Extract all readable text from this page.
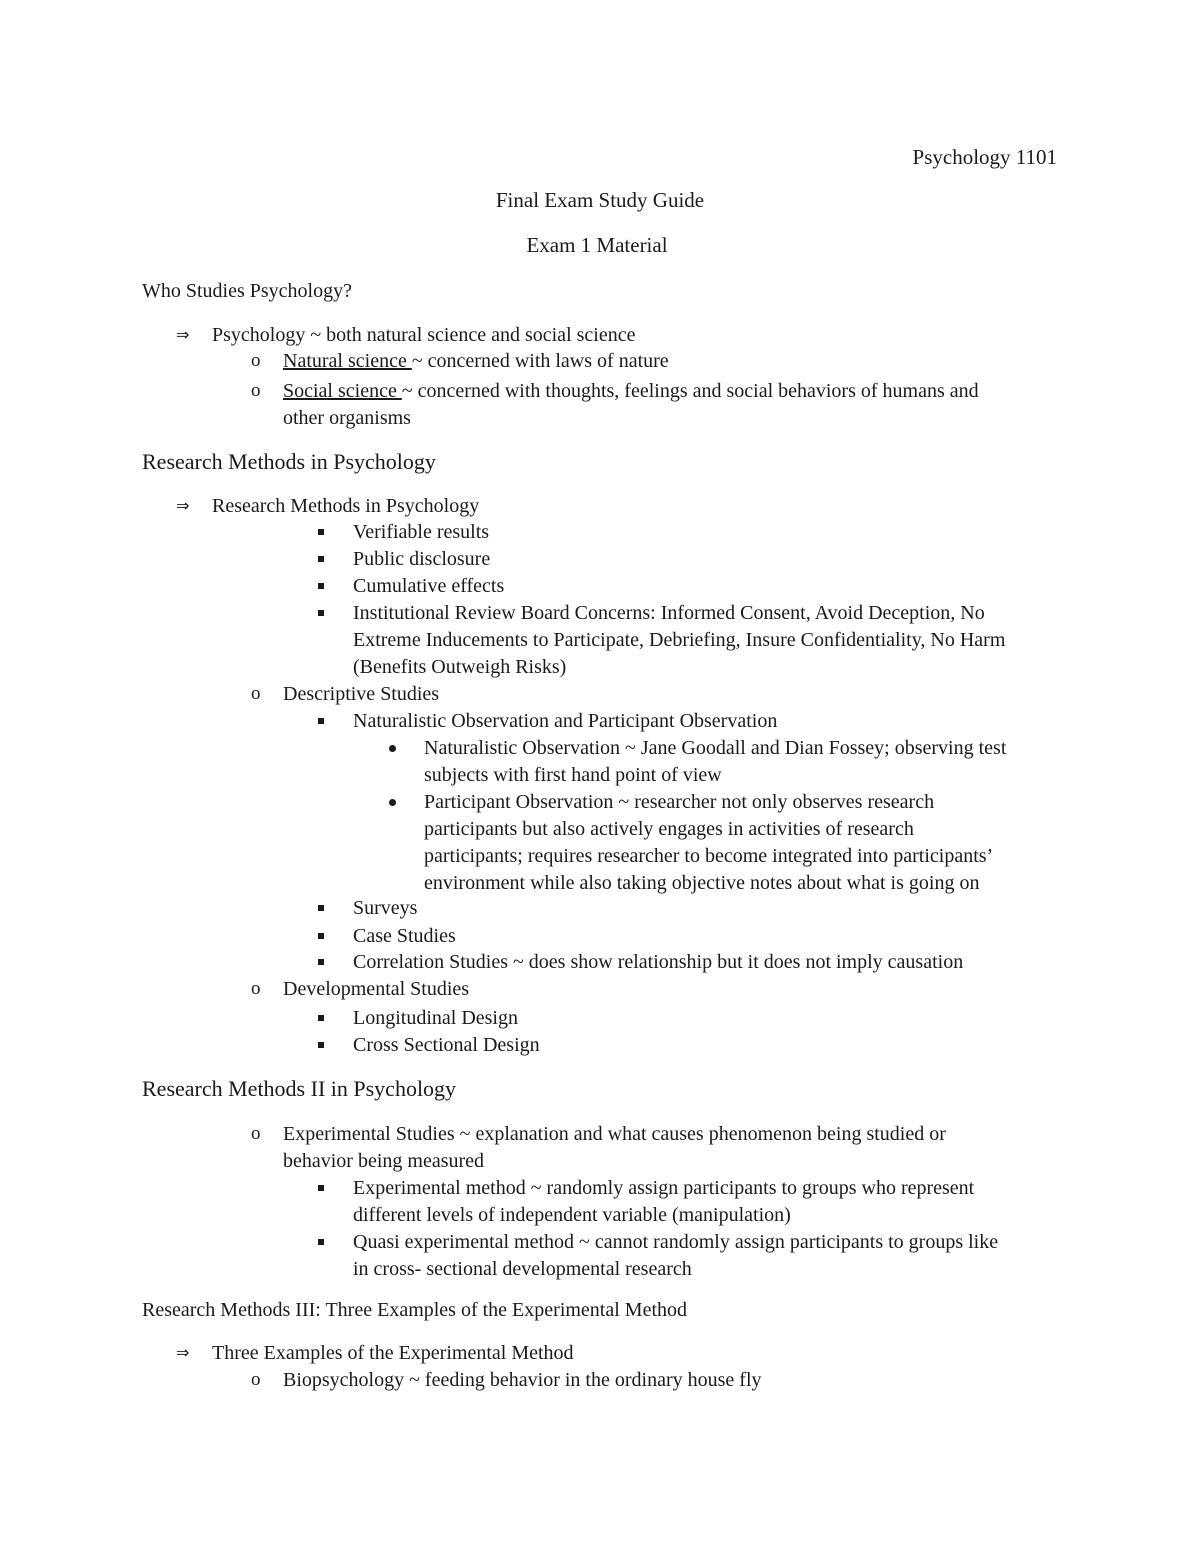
Psychology 1101
Final Exam Study Guide
Exam 1 Material
Who Studies Psychology?
⇒ Psychology ~ both natural science and social science
o Natural science ~ concerned with laws of nature
o Social science ~ concerned with thoughts, feelings and social behaviors of humans and
other organisms
Research Methods in Psychology
⇒ Research Methods in Psychology
Verifiable results
Public disclosure
Cumulative effects
Institutional Review Board Concerns: Informed Consent, Avoid Deception, No
Extreme Inducements to Participate, Debriefing, Insure Confidentiality, No Harm
(Benefits Outweigh Risks)
o Descriptive Studies
Naturalistic Observation and Participant Observation
Naturalistic Observation ~ Jane Goodall and Dian Fossey; observing test
subjects with first hand point of view
Participant Observation ~ researcher not only observes research
participants but also actively engages in activities of research
participants; requires researcher to become integrated into participants’
environment while also taking objective notes about what is going on
Surveys
Case Studies
Correlation Studies ~ does show relationship but it does not imply causation
o Developmental Studies
Longitudinal Design
Cross Sectional Design
Research Methods II in Psychology
o Experimental Studies ~ explanation and what causes phenomenon being studied or
behavior being measured
Experimental method ~ randomly assign participants to groups who represent
different levels of independent variable (manipulation)
Quasi experimental method ~ cannot randomly assign participants to groups like
in cross- sectional developmental research
Research Methods III: Three Examples of the Experimental Method
⇒ Three Examples of the Experimental Method
o Biopsychology ~ feeding behavior in the ordinary house fly
